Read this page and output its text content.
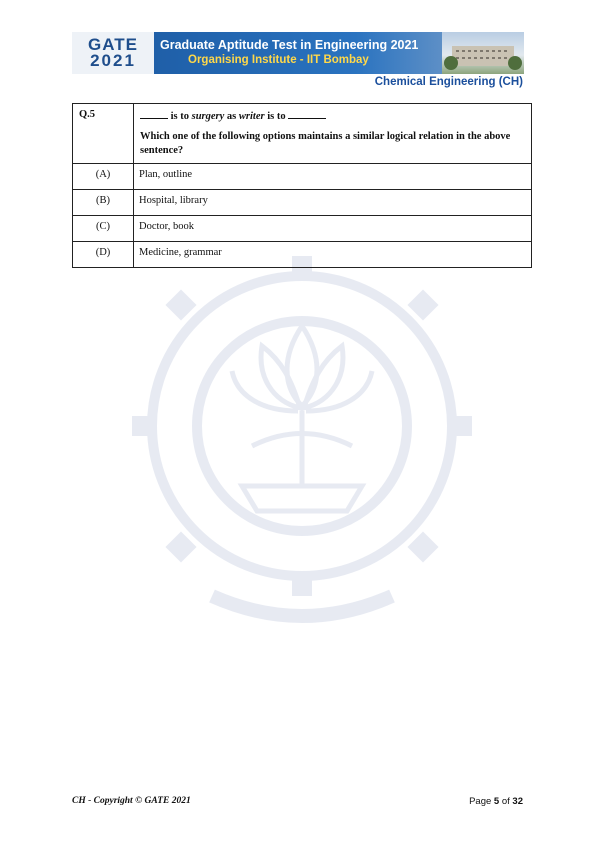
GATE
2021
Graduate Aptitude Test in Engineering 2021
Organising Institute - IIT Bombay
Chemical Engineering (CH)
Q.5	is to surgery as writer is to
Which one of the following options maintains a similar logical relation in the above sentence?

(A)	Plan, outline
(B)	Hospital, library
(C)	Doctor, book
(D)	Medicine, grammar
CH - Copyright © GATE 2021	Page 5 of 32
